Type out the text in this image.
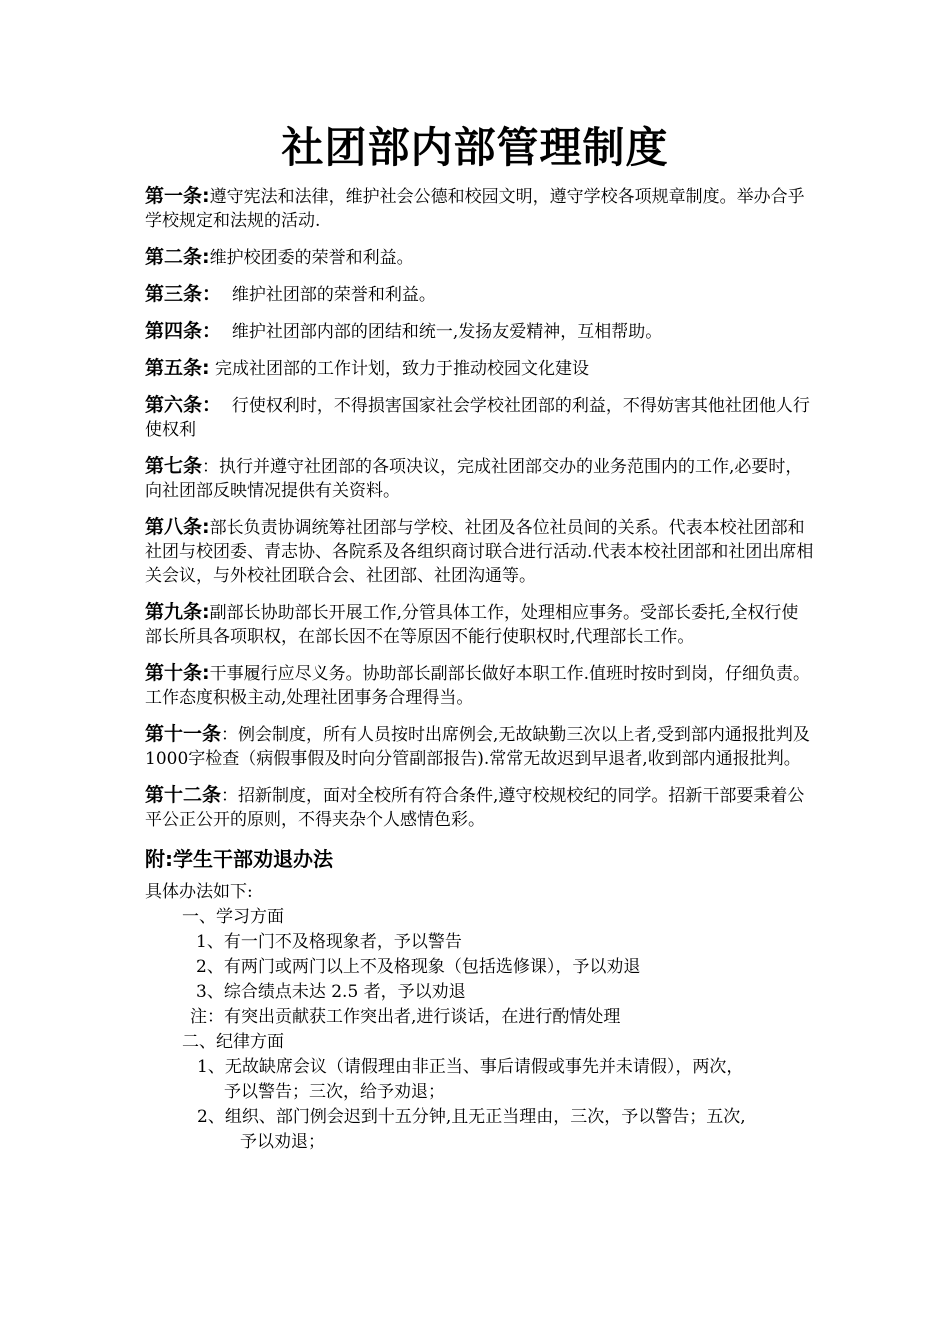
社团部内部管理制度
第一条:遵守宪法和法律，维护社会公德和校园文明，遵守学校各项规章制度。举办合乎学校规定和法规的活动.
第二条:维护校团委的荣誉和利益。
第三条：  维护社团部的荣誉和利益。
第四条：  维护社团部内部的团结和统一,发扬友爱精神，互相帮助。
第五条: 完成社团部的工作计划，致力于推动校园文化建设
第六条：  行使权利时，不得损害国家社会学校社团部的利益，不得妨害其他社团他人行使权利
第七条：执行并遵守社团部的各项决议，完成社团部交办的业务范围内的工作,必要时，向社团部反映情况提供有关资料。
第八条:部长负责协调统筹社团部与学校、社团及各位社员间的关系。代表本校社团部和社团与校团委、青志协、各院系及各组织商讨联合进行活动.代表本校社团部和社团出席相关会议，与外校社团联合会、社团部、社团沟通等。
第九条:副部长协助部长开展工作,分管具体工作，处理相应事务。受部长委托,全权行使部长所具各项职权，在部长因不在等原因不能行使职权时,代理部长工作。
第十条:干事履行应尽义务。协助部长副部长做好本职工作.值班时按时到岗，仔细负责。工作态度积极主动,处理社团事务合理得当。
第十一条：例会制度，所有人员按时出席例会,无故缺勤三次以上者,受到部内通报批判及1000字检查（病假事假及时向分管副部报告).常常无故迟到早退者,收到部内通报批判。
第十二条：招新制度，面对全校所有符合条件,遵守校规校纪的同学。招新干部要秉着公平公正公开的原则，不得夹杂个人感情色彩。
附:学生干部劝退办法
具体办法如下:
一、学习方面
1、有一门不及格现象者，予以警告
2、有两门或两门以上不及格现象（包括选修课），予以劝退
3、综合绩点未达 2.5 者，予以劝退
注：有突出贡献获工作突出者,进行谈话，在进行酌情处理
二、纪律方面
1、无故缺席会议（请假理由非正当、事后请假或事先并未请假），两次，
予以警告；三次，给予劝退；
2、组织、部门例会迟到十五分钟,且无正当理由，三次，予以警告；五次,
予以劝退；
